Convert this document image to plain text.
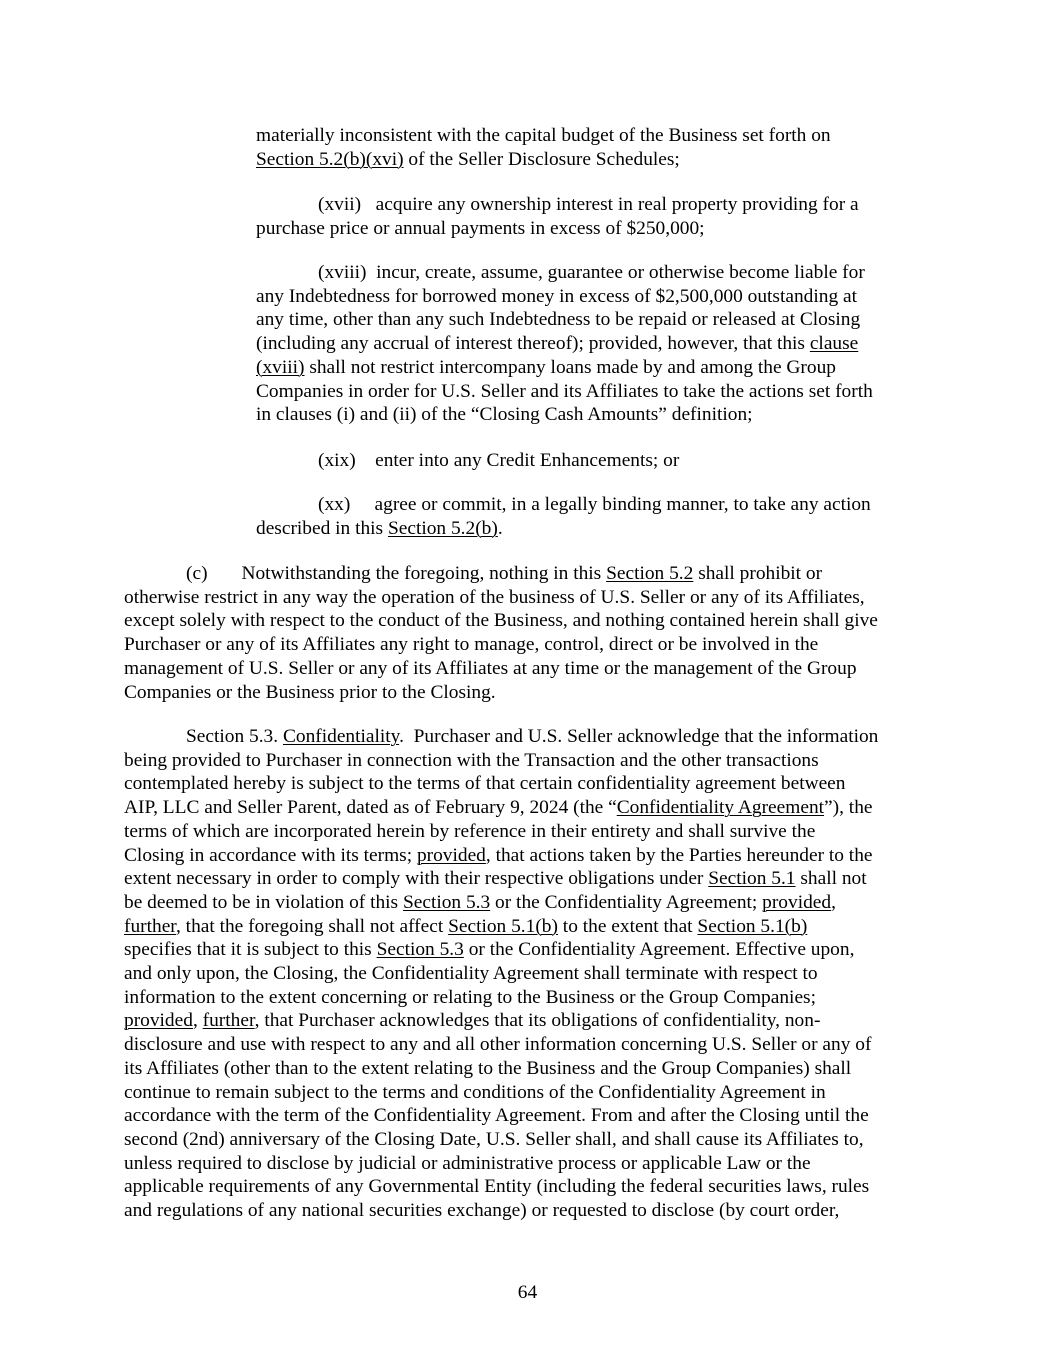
materially inconsistent with the capital budget of the Business set forth on
Section 5.2(b)(xvi) of the Seller Disclosure Schedules;
(xvii)   acquire any ownership interest in real property providing for a
purchase price or annual payments in excess of $250,000;
(xviii)  incur, create, assume, guarantee or otherwise become liable for
any Indebtedness for borrowed money in excess of $2,500,000 outstanding at
any time, other than any such Indebtedness to be repaid or released at Closing
(including any accrual of interest thereof); provided, however, that this clause
(xviii) shall not restrict intercompany loans made by and among the Group
Companies in order for U.S. Seller and its Affiliates to take the actions set forth
in clauses (i) and (ii) of the “Closing Cash Amounts” definition;
(xix)    enter into any Credit Enhancements; or
(xx)     agree or commit, in a legally binding manner, to take any action
described in this Section 5.2(b).
(c)       Notwithstanding the foregoing, nothing in this Section 5.2 shall prohibit or
otherwise restrict in any way the operation of the business of U.S. Seller or any of its Affiliates,
except solely with respect to the conduct of the Business, and nothing contained herein shall give
Purchaser or any of its Affiliates any right to manage, control, direct or be involved in the
management of U.S. Seller or any of its Affiliates at any time or the management of the Group
Companies or the Business prior to the Closing.
Section 5.3. Confidentiality.  Purchaser and U.S. Seller acknowledge that the information
being provided to Purchaser in connection with the Transaction and the other transactions
contemplated hereby is subject to the terms of that certain confidentiality agreement between
AIP, LLC and Seller Parent, dated as of February 9, 2024 (the “Confidentiality Agreement”), the
terms of which are incorporated herein by reference in their entirety and shall survive the
Closing in accordance with its terms; provided, that actions taken by the Parties hereunder to the
extent necessary in order to comply with their respective obligations under Section 5.1 shall not
be deemed to be in violation of this Section 5.3 or the Confidentiality Agreement; provided,
further, that the foregoing shall not affect Section 5.1(b) to the extent that Section 5.1(b)
specifies that it is subject to this Section 5.3 or the Confidentiality Agreement. Effective upon,
and only upon, the Closing, the Confidentiality Agreement shall terminate with respect to
information to the extent concerning or relating to the Business or the Group Companies;
provided, further, that Purchaser acknowledges that its obligations of confidentiality, non-
disclosure and use with respect to any and all other information concerning U.S. Seller or any of
its Affiliates (other than to the extent relating to the Business and the Group Companies) shall
continue to remain subject to the terms and conditions of the Confidentiality Agreement in
accordance with the term of the Confidentiality Agreement. From and after the Closing until the
second (2nd) anniversary of the Closing Date, U.S. Seller shall, and shall cause its Affiliates to,
unless required to disclose by judicial or administrative process or applicable Law or the
applicable requirements of any Governmental Entity (including the federal securities laws, rules
and regulations of any national securities exchange) or requested to disclose (by court order,
64
